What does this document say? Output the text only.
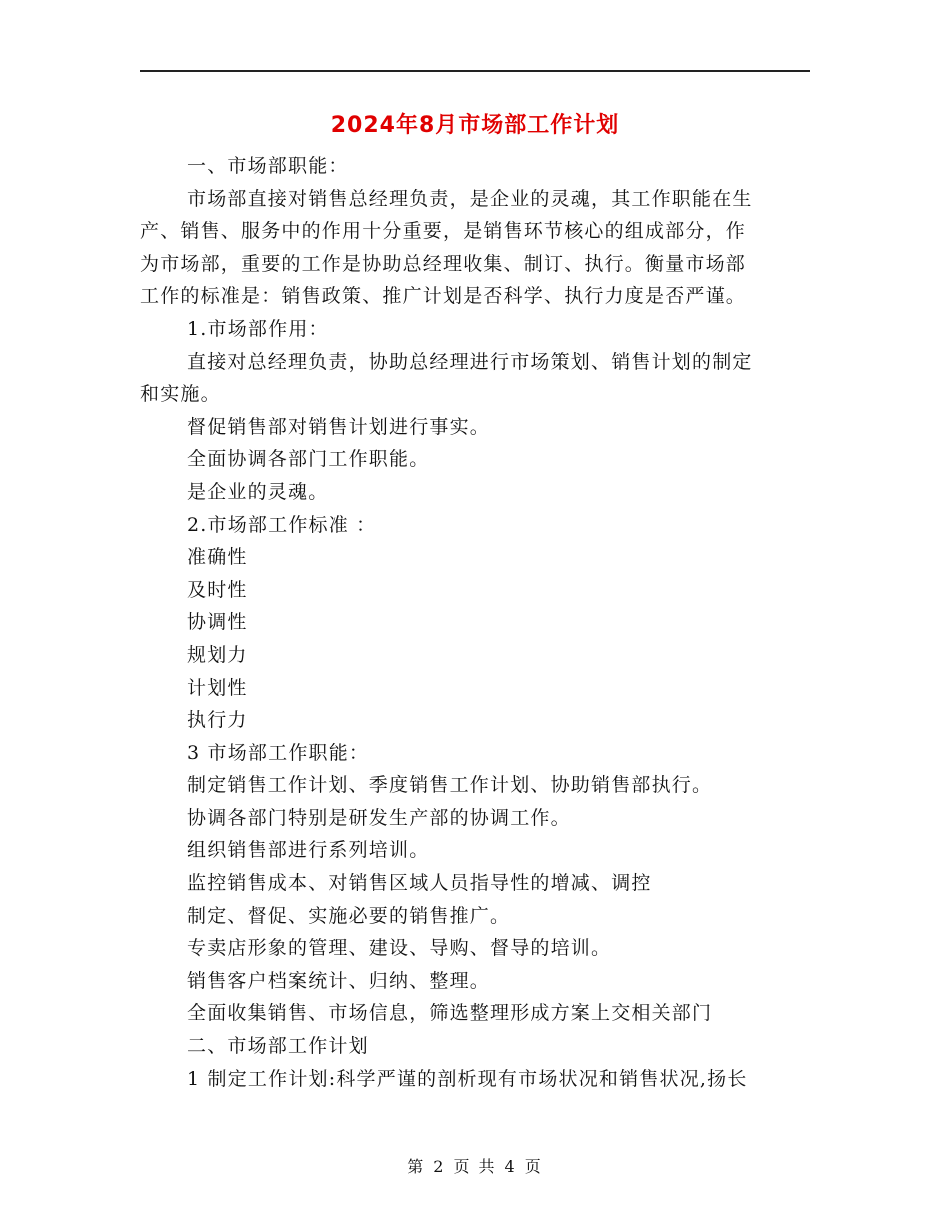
2024年8月市场部工作计划
一、市场部职能：
市场部直接对销售总经理负责，是企业的灵魂，其工作职能在生
产、销售、服务中的作用十分重要，是销售环节核心的组成部分，作
为市场部，重要的工作是协助总经理收集、制订、执行。衡量市场部
工作的标准是：销售政策、推广计划是否科学、执行力度是否严谨。
1.市场部作用：
直接对总经理负责，协助总经理进行市场策划、销售计划的制定
和实施。
督促销售部对销售计划进行事实。
全面协调各部门工作职能。
是企业的灵魂。
2.市场部工作标准 ：
准确性
及时性
协调性
规划力
计划性
执行力
3 市场部工作职能：
制定销售工作计划、季度销售工作计划、协助销售部执行。
协调各部门特别是研发生产部的协调工作。
组织销售部进行系列培训。
监控销售成本、对销售区域人员指导性的增减、调控
制定、督促、实施必要的销售推广。
专卖店形象的管理、建设、导购、督导的培训。
销售客户档案统计、归纳、整理。
全面收集销售、市场信息，筛选整理形成方案上交相关部门
二、市场部工作计划
1 制定工作计划:科学严谨的剖析现有市场状况和销售状况,扬长
第 2 页 共 4 页
